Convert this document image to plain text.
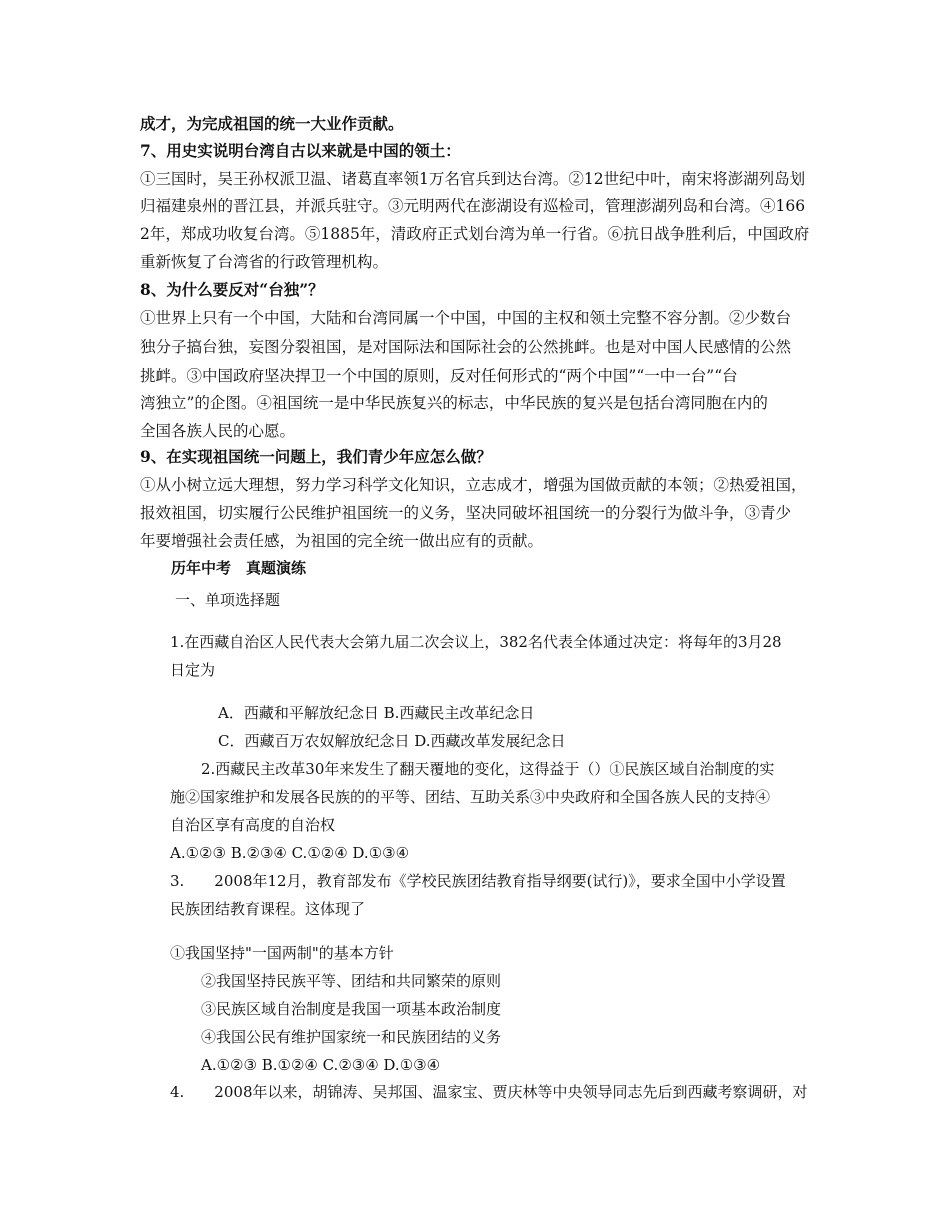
成才，为完成祖国的统一大业作贡献。
7、用史实说明台湾自古以来就是中国的领土：
①三国时，吴王孙权派卫温、诸葛直率领1万名官兵到达台湾。②12世纪中叶，南宋将澎湖列岛划
归福建泉州的晋江县，并派兵驻守。③元明两代在澎湖设有巡检司，管理澎湖列岛和台湾。④166
2年，郑成功收复台湾。⑤1885年，清政府正式划台湾为单一行省。⑥抗日战争胜利后，中国政府
重新恢复了台湾省的行政管理机构。
8、为什么要反对“台独”？
①世界上只有一个中国，大陆和台湾同属一个中国，中国的主权和领土完整不容分割。②少数台
独分子搞台独，妄图分裂祖国，是对国际法和国际社会的公然挑衅。也是对中国人民感情的公然
挑衅。③中国政府坚决捍卫一个中国的原则，反对任何形式的“两个中国”“一中一台”“台
湾独立”的企图。④祖国统一是中华民族复兴的标志，中华民族的复兴是包括台湾同胞在内的
全国各族人民的心愿。
9、在实现祖国统一问题上，我们青少年应怎么做？
①从小树立远大理想，努力学习科学文化知识，立志成才，增强为国做贡献的本领；②热爱祖国，
报效祖国，切实履行公民维护祖国统一的义务，坚决同破坏祖国统一的分裂行为做斗争，③青少
年要增强社会责任感，为祖国的完全统一做出应有的贡献。
历年中考　真题演练
一、单项选择题
1.在西藏自治区人民代表大会第九届二次会议上，382名代表全体通过决定：将每年的3月28
日定为
A．西藏和平解放纪念日 B.西藏民主改革纪念日
C．西藏百万农奴解放纪念日 D.西藏改革发展纪念日
2.西藏民主改革30年来发生了翻天覆地的变化，这得益于（）①民族区域自治制度的实
施②国家维护和发展各民族的的平等、团结、互助关系③中央政府和全国各族人民的支持④
自治区享有高度的自治权
A.①②③ B.②③④ C.①②④ D.①③④
3.　　2008年12月，教育部发布《学校民族团结教育指导纲要(试行)》，要求全国中小学设置
民族团结教育课程。这体现了
①我国坚持"一国两制"的基本方针
②我国坚持民族平等、团结和共同繁荣的原则
③民族区域自治制度是我国一项基本政治制度
④我国公民有维护国家统一和民族团结的义务
A.①②③ B.①②④ C.②③④ D.①③④
4.　　2008年以来，胡锦涛、吴邦国、温家宝、贾庆林等中央领导同志先后到西藏考察调研，对
